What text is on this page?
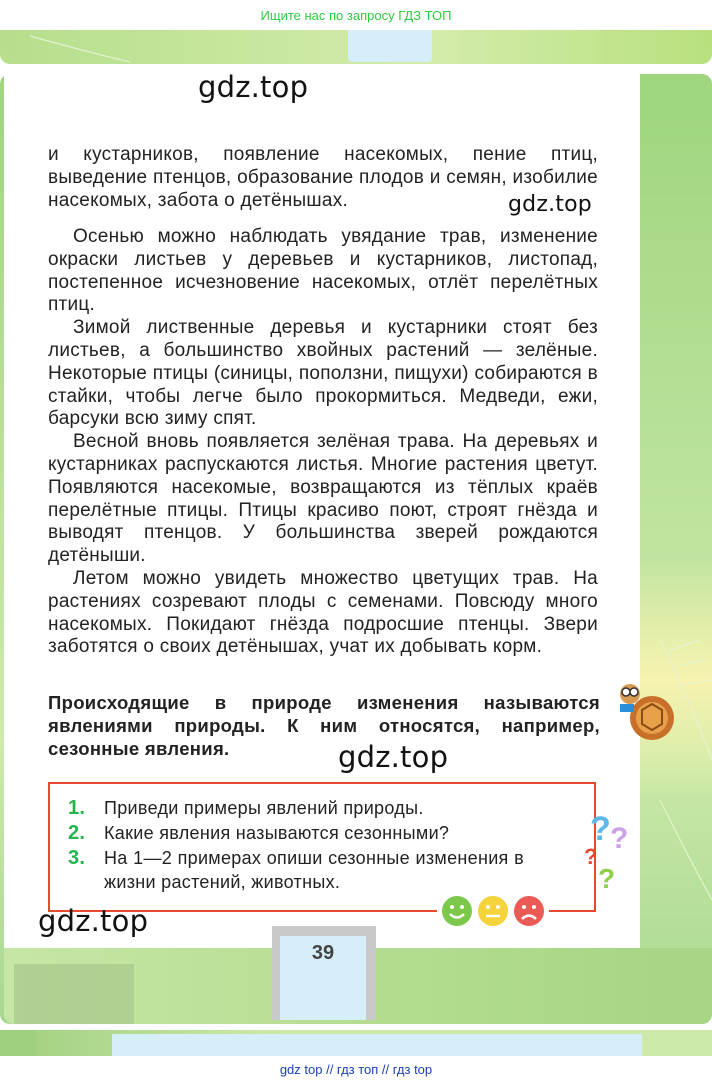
Ищите нас по запросу ГДЗ ТОП
gdz.top

и кустарников, появление насекомых, пение птиц, выведение птенцов, образование плодов и семян, изобилие насекомых, забота о детёнышах.	gdz.top

Осенью можно наблюдать увядание трав, изменение окраски листьев у деревьев и кустарников, листопад, постепенное исчезновение насекомых, отлёт перелётных птиц.

Зимой лиственные деревья и кустарники стоят без листьев, а большинство хвойных растений — зелёные. Некоторые птицы (синицы, поползни, пищухи) собираются в стайки, чтобы легче было прокормиться. Медведи, ежи, барсуки всю зиму спят.

Весной вновь появляется зелёная трава. На деревьях и кустарниках распускаются листья. Многие растения цветут. Появляются насекомые, возвращаются из тёплых краёв перелётные птицы. Птицы красиво поют, строят гнёзда и выводят птенцов. У большинства зверей рождаются детёныши.

Летом можно увидеть множество цветущих трав. На растениях созревают плоды с семенами. Повсюду много насекомых. Покидают гнёзда подросшие птенцы. Звери заботятся о своих детёнышах, учат их добывать корм.

Происходящие в природе изменения называются явлениями природы. К ним относятся, например, сезонные явления.	gdz.top
1. Приведи примеры явлений природы.
2. Какие явления называются сезонными?
3. На 1—2 примерах опиши сезонные изменения в жизни растений, животных.
? ?
?
?
gdz.top
39
gdz top // гдз топ // гдз top
